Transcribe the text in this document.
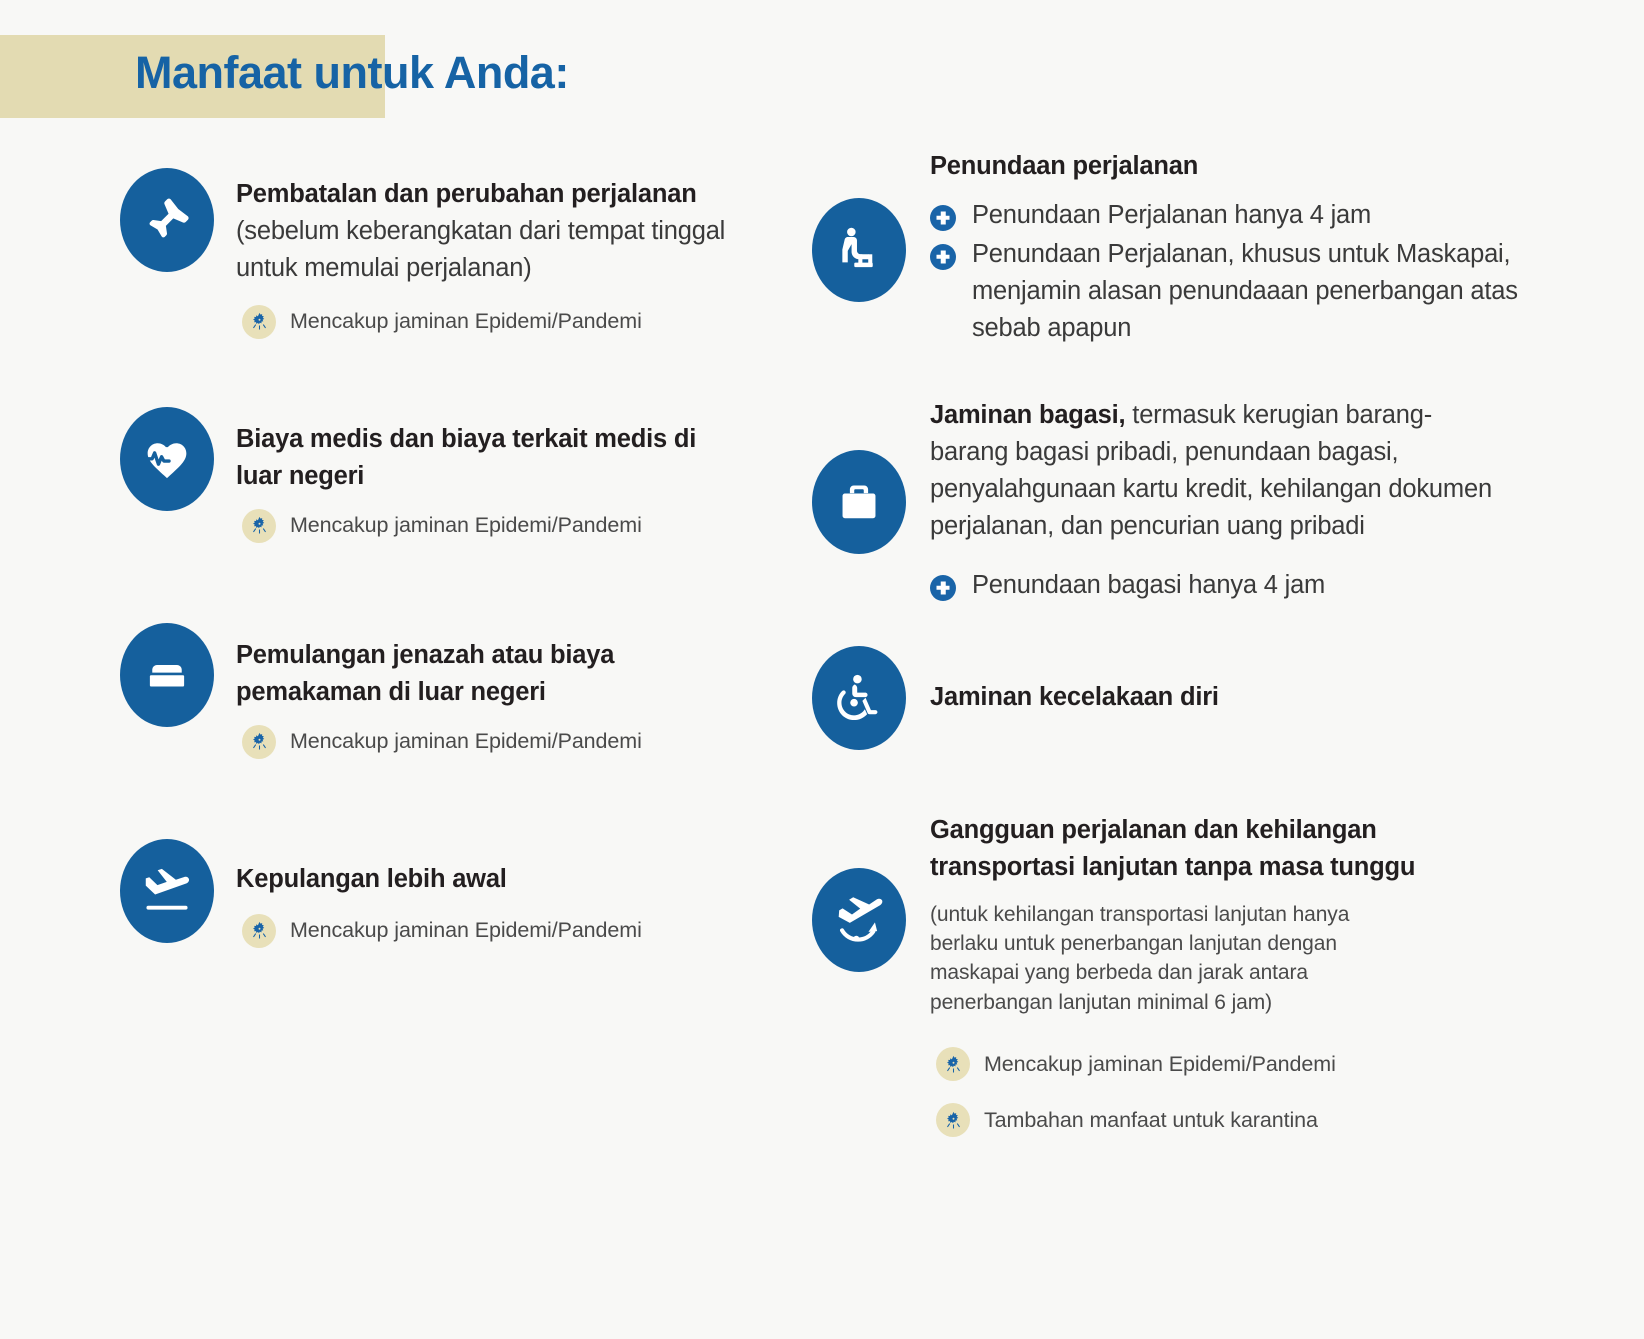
Manfaat untuk Anda:
Pembatalan dan perubahan perjalanan (sebelum keberangkatan dari tempat tinggal untuk memulai perjalanan)
Mencakup jaminan Epidemi/Pandemi
Biaya medis dan biaya terkait medis di luar negeri
Mencakup jaminan Epidemi/Pandemi
Pemulangan jenazah atau biaya pemakaman di luar negeri
Mencakup jaminan Epidemi/Pandemi
Kepulangan lebih awal
Mencakup jaminan Epidemi/Pandemi
Penundaan perjalanan
Penundaan Perjalanan hanya 4 jam
Penundaan Perjalanan, khusus untuk Maskapai, menjamin alasan penundaaan penerbangan atas sebab apapun
Jaminan bagasi, termasuk kerugian barang-barang bagasi pribadi, penundaan bagasi, penyalahgunaan kartu kredit, kehilangan dokumen perjalanan, dan pencurian uang pribadi
Penundaan bagasi hanya 4 jam
Jaminan kecelakaan diri
Gangguan perjalanan dan kehilangan transportasi lanjutan tanpa masa tunggu
(untuk kehilangan transportasi lanjutan hanya berlaku untuk penerbangan lanjutan dengan maskapai yang berbeda dan jarak antara penerbangan lanjutan minimal 6 jam)
Mencakup jaminan Epidemi/Pandemi
Tambahan manfaat untuk karantina
